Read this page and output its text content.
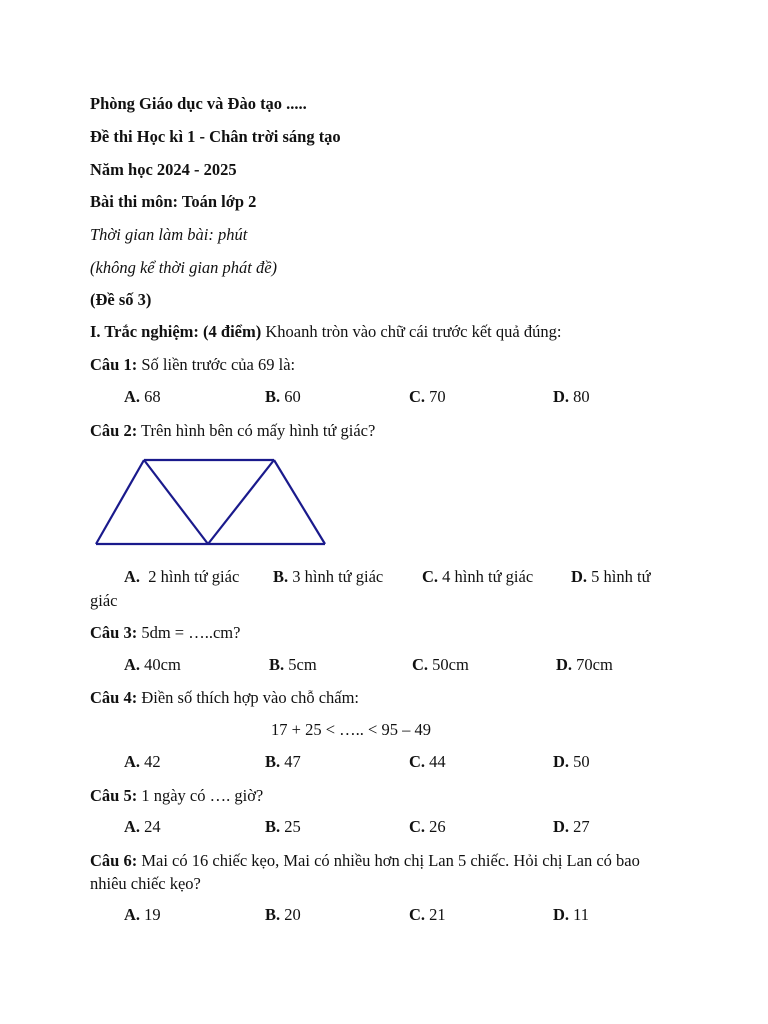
Phòng Giáo dục và Đào tạo .....
Đề thi Học kì 1 - Chân trời sáng tạo
Năm học 2024 - 2025
Bài thi môn: Toán lớp 2
Thời gian làm bài: phút
(không kể thời gian phát đề)
(Đề số 3)
I. Trắc nghiệm: (4 điểm) Khoanh tròn vào chữ cái trước kết quả đúng:
Câu 1: Số liền trước của 69 là:
A. 68	B. 60	C. 70	D. 80
Câu 2: Trên hình bên có mấy hình tứ giác?
A.  2 hình tứ giác B. 3 hình tứ giác C. 4 hình tứ giác D. 5 hình tứ
giác
Câu 3: 5dm = …..cm?
A. 40cm	B. 5cm	C. 50cm	D. 70cm
Câu 4: Điền số thích hợp vào chỗ chấm:
17 + 25 < ….. < 95 – 49
A. 42	B. 47	C. 44	D. 50
Câu 5: 1 ngày có …. giờ?
A. 24	B. 25	C. 26	D. 27
Câu 6: Mai có 16 chiếc kẹo, Mai có nhiều hơn chị Lan 5 chiếc. Hỏi chị Lan có bao
nhiêu chiếc kẹo?
A. 19	B. 20	C. 21	D. 11
